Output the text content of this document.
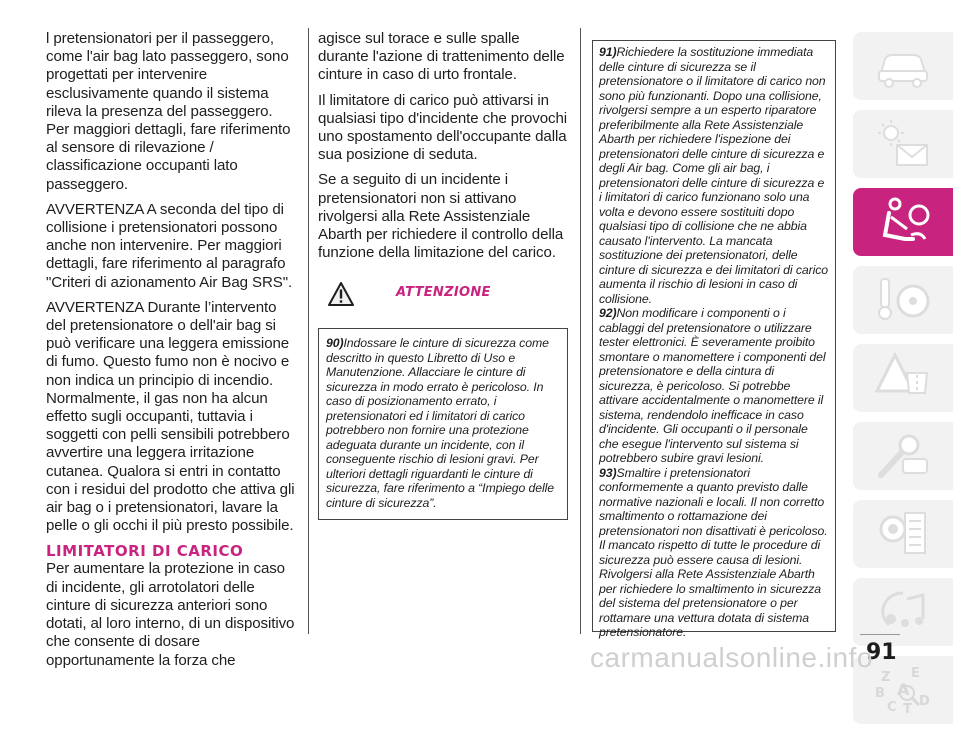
l pretensionatori per il passeggero, come l'air bag lato passeggero, sono progettati per intervenire esclusivamente quando il sistema rileva la presenza del passeggero. Per maggiori dettagli, fare riferimento al sensore di rilevazione / classificazione occupanti lato passeggero.

AVVERTENZA A seconda del tipo di collisione i pretensionatori possono anche non intervenire. Per maggiori dettagli, fare riferimento al paragrafo "Criteri di azionamento Air Bag SRS".

AVVERTENZA Durante l’intervento del pretensionatore o dell'air bag si può verificare una leggera emissione di fumo. Questo fumo non è nocivo e non indica un principio di incendio. Normalmente, il gas non ha alcun effetto sugli occupanti, tuttavia i soggetti con pelli sensibili potrebbero avvertire una leggera irritazione cutanea. Qualora si entri in contatto con i residui del prodotto che attiva gli air bag o i pretensionatori, lavare la pelle o gli occhi il più presto possibile.

LIMITATORI DI CARICO

Per aumentare la protezione in caso di incidente, gli arrotolatori delle cinture di sicurezza anteriori sono dotati, al loro interno, di un dispositivo che consente di dosare opportunamente la forza che

agisce sul torace e sulle spalle durante l'azione di trattenimento delle cinture in caso di urto frontale.

Il limitatore di carico può attivarsi in qualsiasi tipo d'incidente che provochi uno spostamento dell'occupante dalla sua posizione di seduta.

Se a seguito di un incidente i pretensionatori non si attivano rivolgersi alla Rete Assistenziale Abarth per richiedere il controllo della funzione della limitazione del carico.

ATTENZIONE

90)Indossare le cinture di sicurezza come descritto in questo Libretto di Uso e Manutenzione. Allacciare le cinture di sicurezza in modo errato è pericoloso. In caso di posizionamento errato, i pretensionatori ed i limitatori di carico potrebbero non fornire una protezione adeguata durante un incidente, con il conseguente rischio di lesioni gravi. Per ulteriori dettagli riguardanti le cinture di sicurezza, fare riferimento a “Impiego delle cinture di sicurezza”.

91)Richiedere la sostituzione immediata delle cinture di sicurezza se il pretensionatore o il limitatore di carico non sono più funzionanti. Dopo una collisione, rivolgersi sempre a un esperto riparatore preferibilmente alla Rete Assistenziale Abarth per richiedere l'ispezione dei pretensionatori delle cinture di sicurezza e degli Air bag. Come gli air bag, i pretensionatori delle cinture di sicurezza e i limitatori di carico funzionano solo una volta e devono essere sostituiti dopo qualsiasi tipo di collisione che ne abbia causato l'intervento. La mancata sostituzione dei pretensionatori, delle cinture di sicurezza e dei limitatori di carico aumenta il rischio di lesioni in caso di collisione.

92)Non modificare i componenti o i cablaggi del pretensionatore o utilizzare tester elettronici. È severamente proibito smontare o manomettere i componenti del pretensionatore e della cintura di sicurezza, è pericoloso. Si potrebbe attivare accidentalmente o manomettere il sistema, rendendolo inefficace in caso d'incidente. Gli occupanti o il personale che esegue l'intervento sul sistema si potrebbero subire gravi lesioni.

93)Smaltire i pretensionatori conformemente a quanto previsto dalle normative nazionali e locali. Il non corretto smaltimento o rottamazione dei pretensionatori non disattivati è pericoloso. Il mancato rispetto di tutte le procedure di sicurezza può essere causa di lesioni. Rivolgersi alla Rete Assistenziale Abarth per richiedere lo smaltimento in sicurezza del sistema del pretensionatore o per rottamare una vettura dotata di sistema pretensionatore.

Z E
B A
C T
D
91
carmanualsonline.info
